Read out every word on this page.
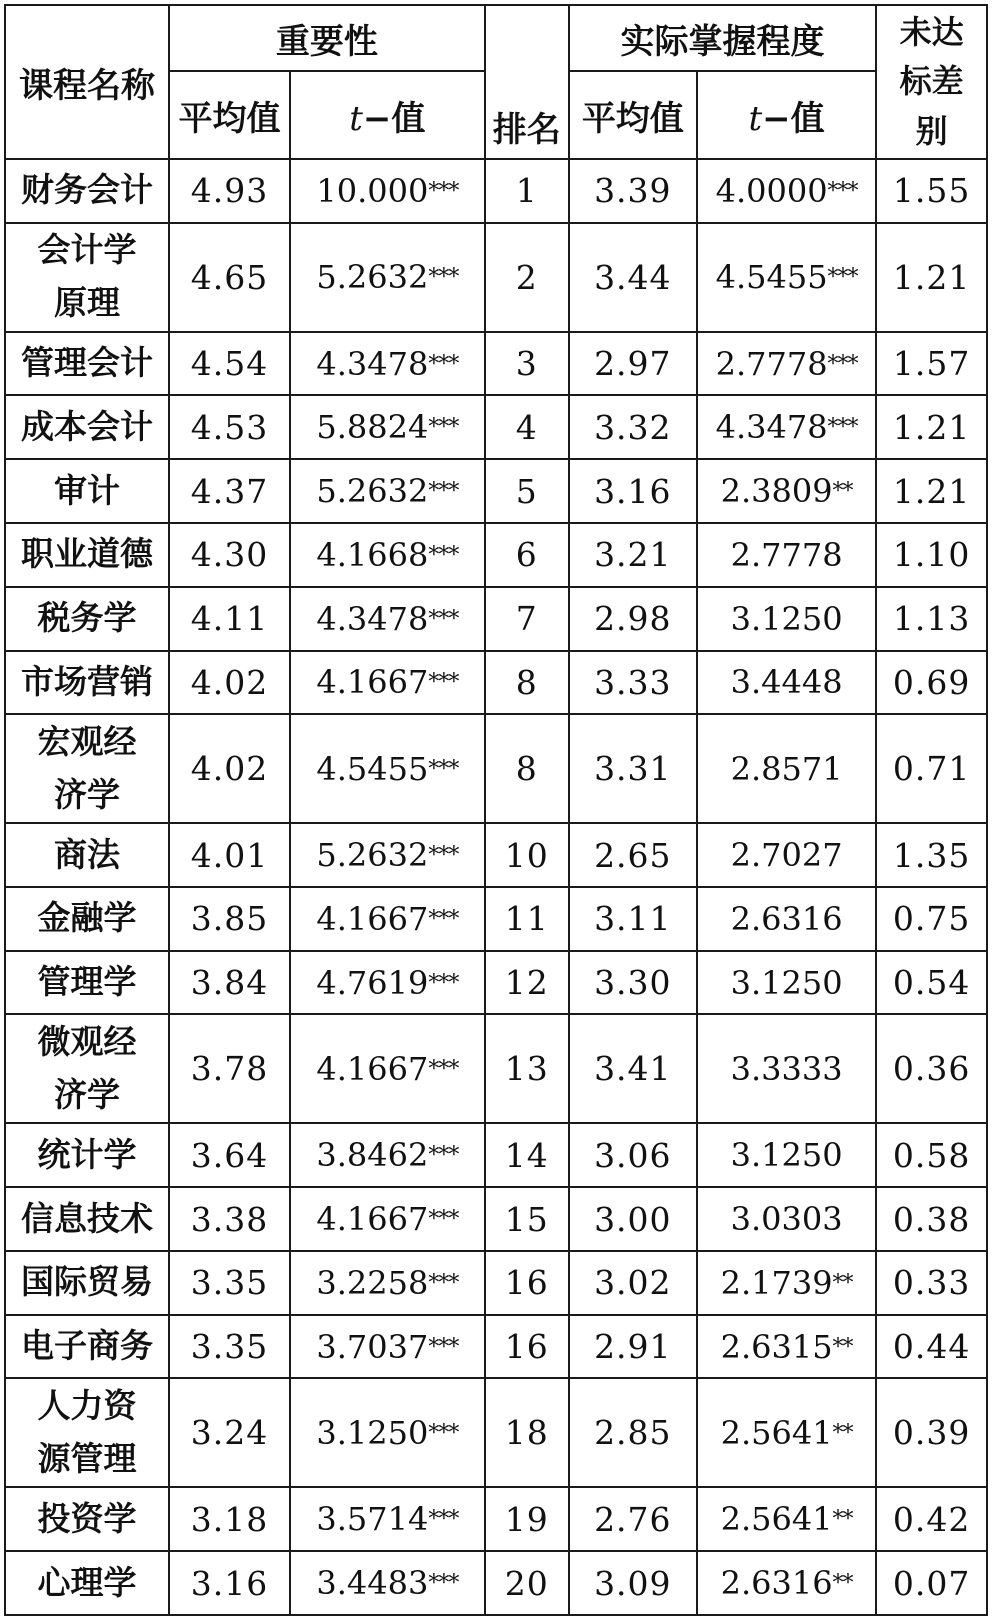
课程名称	重要性		排名	实际掌握程度		未达标差别
	平均值	t−值		平均值	t−值	
财务会计	4.93	10.000***	1	3.39	4.0000***	1.55
会计学原理	4.65	5.2632***	2	3.44	4.5455***	1.21
管理会计	4.54	4.3478***	3	2.97	2.7778***	1.57
成本会计	4.53	5.8824***	4	3.32	4.3478***	1.21
审计	4.37	5.2632***	5	3.16	2.3809**	1.21
职业道德	4.30	4.1668***	6	3.21	2.7778	1.10
税务学	4.11	4.3478***	7	2.98	3.1250	1.13
市场营销	4.02	4.1667***	8	3.33	3.4448	0.69
宏观经济学	4.02	4.5455***	8	3.31	2.8571	0.71
商法	4.01	5.2632***	10	2.65	2.7027	1.35
金融学	3.85	4.1667***	11	3.11	2.6316	0.75
管理学	3.84	4.7619***	12	3.30	3.1250	0.54
微观经济学	3.78	4.1667***	13	3.41	3.3333	0.36
统计学	3.64	3.8462***	14	3.06	3.1250	0.58
信息技术	3.38	4.1667***	15	3.00	3.0303	0.38
国际贸易	3.35	3.2258***	16	3.02	2.1739**	0.33
电子商务	3.35	3.7037***	16	2.91	2.6315**	0.44
人力资源管理	3.24	3.1250***	18	2.85	2.5641**	0.39
投资学	3.18	3.5714***	19	2.76	2.5641**	0.42
心理学	3.16	3.4483***	20	3.09	2.6316**	0.07
